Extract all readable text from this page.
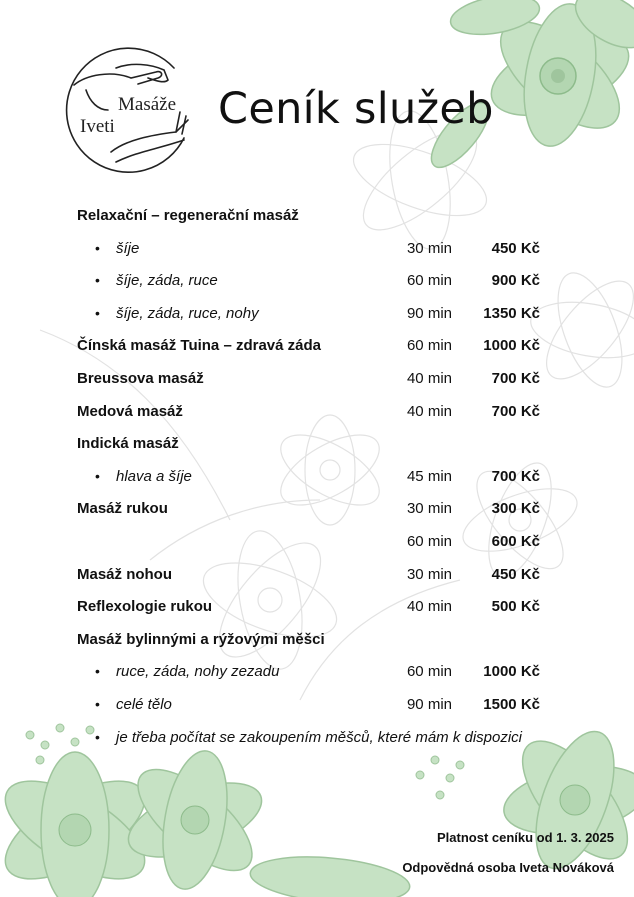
Masáže
Iveti Ceník služeb
Relaxační – regenerační masáž
• šíje	30 min	450 Kč
• šíje, záda, ruce	60 min	900 Kč
• šíje, záda, ruce, nohy	90 min	1350 Kč
Čínská masáž Tuina – zdravá záda	60 min	1000 Kč
Breussova masáž	40 min	700 Kč
Medová masáž	40 min	700 Kč
Indická masáž
• hlava a šíje	45 min	700 Kč
Masáž rukou	30 min	300 Kč
60 min	600 Kč
Masáž nohou	30 min	450 Kč
Reflexologie rukou	40 min	500 Kč
Masáž bylinnými a rýžovými měšci
• ruce, záda, nohy zezadu	60 min	1000 Kč
• celé tělo	90 min	1500 Kč
• je třeba počítat se zakoupením měšců, které mám k dispozici
Platnost ceníku od 1. 3. 2025
Odpovědná osoba Iveta Nováková
